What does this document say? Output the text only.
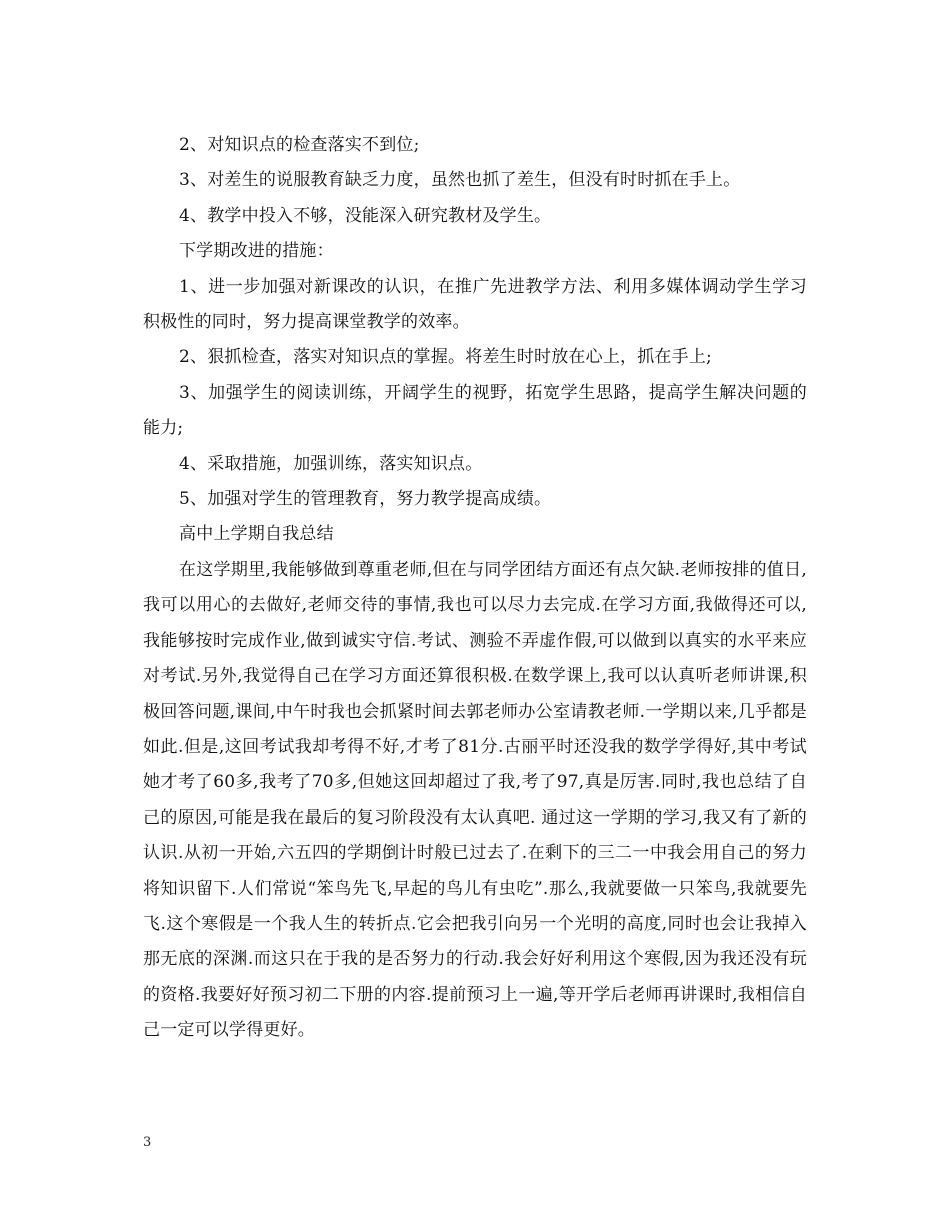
2、对知识点的检查落实不到位;

3、对差生的说服教育缺乏力度，虽然也抓了差生，但没有时时抓在手上。

4、教学中投入不够，没能深入研究教材及学生。

下学期改进的措施：

1、进一步加强对新课改的认识，在推广先进教学方法、利用多媒体调动学生学习积极性的同时，努力提高课堂教学的效率。

2、狠抓检查，落实对知识点的掌握。将差生时时放在心上，抓在手上;

3、加强学生的阅读训练，开阔学生的视野，拓宽学生思路，提高学生解决问题的能力;

4、采取措施，加强训练，落实知识点。

5、加强对学生的管理教育，努力教学提高成绩。

高中上学期自我总结

在这学期里,我能够做到尊重老师,但在与同学团结方面还有点欠缺.老师按排的值日,我可以用心的去做好,老师交待的事情,我也可以尽力去完成.在学习方面,我做得还可以,我能够按时完成作业,做到诚实守信.考试、测验不弄虚作假,可以做到以真实的水平来应对考试.另外,我觉得自己在学习方面还算很积极.在数学课上,我可以认真听老师讲课,积极回答问题,课间,中午时我也会抓紧时间去郭老师办公室请教老师.一学期以来,几乎都是如此.但是,这回考试我却考得不好,才考了81分.古丽平时还没我的数学学得好,其中考试她才考了60多,我考了70多,但她这回却超过了我,考了97,真是厉害.同时,我也总结了自己的原因,可能是我在最后的复习阶段没有太认真吧. 通过这一学期的学习,我又有了新的认识.从初一开始,六五四的学期倒计时般已过去了.在剩下的三二一中我会用自己的努力将知识留下.人们常说“笨鸟先飞,早起的鸟儿有虫吃”.那么,我就要做一只笨鸟,我就要先飞.这个寒假是一个我人生的转折点.它会把我引向另一个光明的高度,同时也会让我掉入那无底的深渊.而这只在于我的是否努力的行动.我会好好利用这个寒假,因为我还没有玩的资格.我要好好预习初二下册的内容.提前预习上一遍,等开学后老师再讲课时,我相信自己一定可以学得更好。

3
